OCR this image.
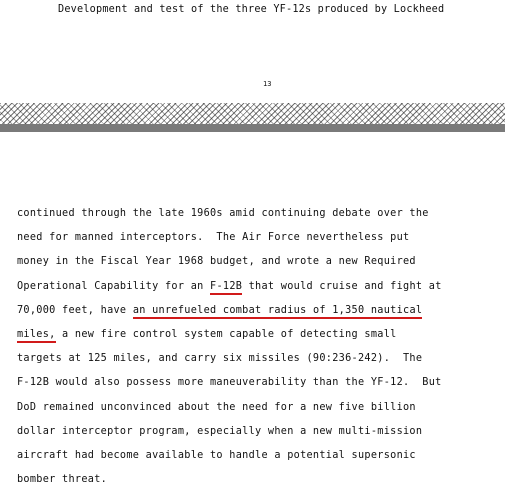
Development and test of the three YF-12s produced by Lockheed
13
continued through the late 1960s amid continuing debate over the
need for manned interceptors.  The Air Force nevertheless put
money in the Fiscal Year 1968 budget, and wrote a new Required
Operational Capability for an F-12B that would cruise and fight at
70,000 feet, have an unrefueled combat radius of 1,350 nautical
miles, a new fire control system capable of detecting small
targets at 125 miles, and carry six missiles (90:236-242).  The
F-12B would also possess more maneuverability than the YF-12.  But
DoD remained unconvinced about the need for a new five billion
dollar interceptor program, especially when a new multi-mission
aircraft had become available to handle a potential supersonic
bomber threat.
